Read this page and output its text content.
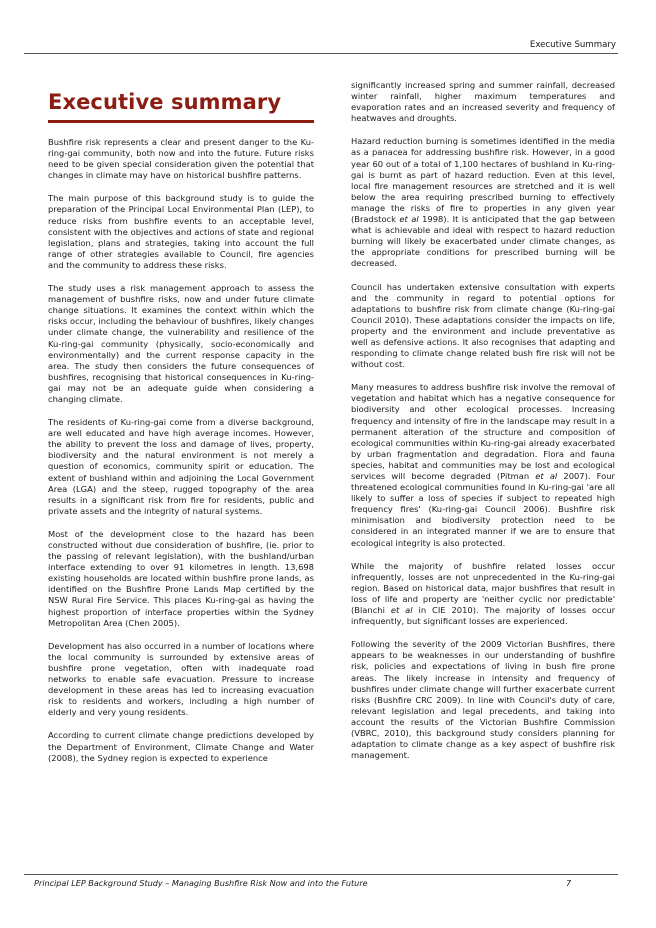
Executive Summary
Executive summary

Bushfire risk represents a clear and present danger to the Ku-ring-gai community, both now and into the future. Future risks need to be given special consideration given the potential that changes in climate may have on historical bushfire patterns.

The main purpose of this background study is to guide the preparation of the Principal Local Environmental Plan (LEP), to reduce risks from bushfire events to an acceptable level, consistent with the objectives and actions of state and regional legislation, plans and strategies, taking into account the full range of other strategies available to Council, fire agencies and the community to address these risks.

The study uses a risk management approach to assess the management of bushfire risks, now and under future climate change situations. It examines the context within which the risks occur, including the behaviour of bushfires, likely changes under climate change, the vulnerability and resilience of the Ku-ring-gai community (physically, socio-economically and environmentally) and the current response capacity in the area. The study then considers the future consequences of bushfires, recognising that historical consequences in Ku-ring-gai may not be an adequate guide when considering a changing climate.

The residents of Ku-ring-gai come from a diverse background, are well educated and have high average incomes. However, the ability to prevent the loss and damage of lives, property, biodiversity and the natural environment is not merely a question of economics, community spirit or education. The extent of bushland within and adjoining the Local Government Area (LGA) and the steep, rugged topography of the area results in a significant risk from fire for residents, public and private assets and the integrity of natural systems.

Most of the development close to the hazard has been constructed without due consideration of bushfire, (ie. prior to the passing of relevant legislation), with the bushland/urban interface extending to over 91 kilometres in length. 13,698 existing households are located within bushfire prone lands, as identified on the Bushfire Prone Lands Map certified by the NSW Rural Fire Service. This places Ku-ring-gai as having the highest proportion of interface properties within the Sydney Metropolitan Area (Chen 2005).

Development has also occurred in a number of locations where the local community is surrounded by extensive areas of bushfire prone vegetation, often with inadequate road networks to enable safe evacuation. Pressure to increase development in these areas has led to increasing evacuation risk to residents and workers, including a high number of elderly and very young residents.

According to current climate change predictions developed by the Department of Environment, Climate Change and Water (2008), the Sydney region is expected to experience

significantly increased spring and summer rainfall, decreased winter rainfall, higher maximum temperatures and evaporation rates and an increased severity and frequency of heatwaves and droughts.

Hazard reduction burning is sometimes identified in the media as a panacea for addressing bushfire risk. However, in a good year 60 out of a total of 1,100 hectares of bushland in Ku-ring-gai is burnt as part of hazard reduction. Even at this level, local fire management resources are stretched and it is well below the area requiring prescribed burning to effectively manage the risks of fire to properties in any given year (Bradstock et al 1998). It is anticipated that the gap between what is achievable and ideal with respect to hazard reduction burning will likely be exacerbated under climate changes, as the appropriate conditions for prescribed burning will be decreased.

Council has undertaken extensive consultation with experts and the community in regard to potential options for adaptations to bushfire risk from climate change (Ku-ring-gai Council 2010). These adaptations consider the impacts on life, property and the environment and include preventative as well as defensive actions. It also recognises that adapting and responding to climate change related bush fire risk will not be without cost.

Many measures to address bushfire risk involve the removal of vegetation and habitat which has a negative consequence for biodiversity and other ecological processes. Increasing frequency and intensity of fire in the landscape may result in a permanent alteration of the structure and composition of ecological communities within Ku-ring-gai already exacerbated by urban fragmentation and degradation. Flora and fauna species, habitat and communities may be lost and ecological services will become degraded (Pitman et al 2007). Four threatened ecological communities found in Ku-ring-gai 'are all likely to suffer a loss of species if subject to repeated high frequency fires' (Ku-ring-gai Council 2006). Bushfire risk minimisation and biodiversity protection need to be considered in an integrated manner if we are to ensure that ecological integrity is also protected.

While the majority of bushfire related losses occur infrequently, losses are not unprecedented in the Ku-ring-gai region. Based on historical data, major bushfires that result in loss of life and property are 'neither cyclic nor predictable' (Blanchi et al in CIE 2010). The majority of losses occur infrequently, but significant losses are experienced.

Following the severity of the 2009 Victorian Bushfires, there appears to be weaknesses in our understanding of bushfire risk, policies and expectations of living in bush fire prone areas. The likely increase in intensity and frequency of bushfires under climate change will further exacerbate current risks (Bushfire CRC 2009). In line with Council's duty of care, relevant legislation and legal precedents, and taking into account the results of the Victorian Bushfire Commission (VBRC, 2010), this background study considers planning for adaptation to climate change as a key aspect of bushfire risk management.

Principal LEP Background Study – Managing Bushfire Risk Now and into the Future	7
